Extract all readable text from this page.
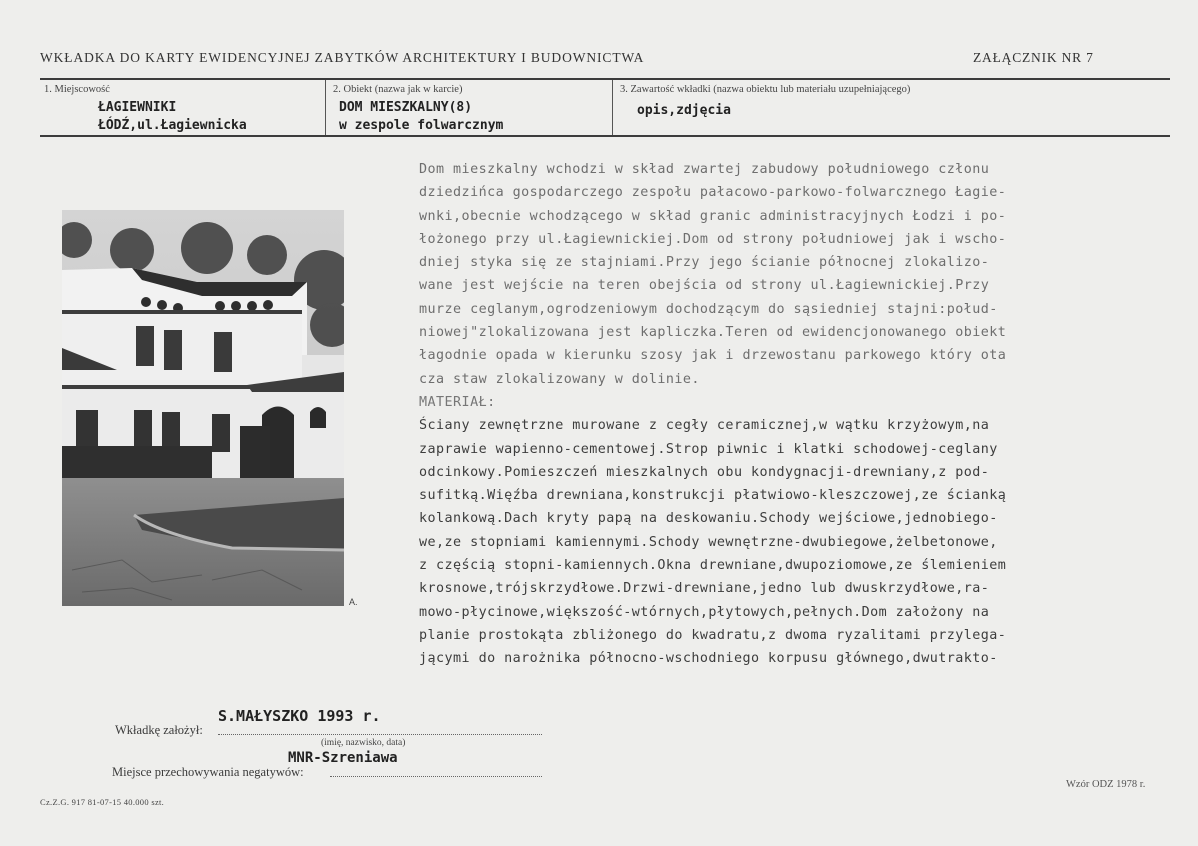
WKŁADKA DO KARTY EWIDENCYJNEJ ZABYTKÓW ARCHITEKTURY I BUDOWNICTWA	ZAŁĄCZNIK NR 7
1. Miejscowość
ŁAGIEWNIKI
ŁÓDŹ,ul.Łagiewnicka
2. Obiekt (nazwa jak w karcie)
DOM MIESZKALNY(8)
w zespole folwarcznym
3. Zawartość wkładki (nazwa obiektu lub materiału uzupełniającego)
opis,zdjęcia
A.
Dom mieszkalny wchodzi w skład zwartej zabudowy południowego członu
dziedzińca gospodarczego zespołu pałacowo-parkowo-folwarcznego Łagie-
wnki,obecnie wchodzącego w skład granic administracyjnych Łodzi i po-
łożonego przy ul.Łagiewnickiej.Dom od strony południowej jak i wscho-
dniej styka się ze stajniami.Przy jego ścianie północnej zlokalizo-
wane jest wejście na teren obejścia od strony ul.Łagiewnickiej.Przy
murze ceglanym,ogrodzeniowym dochodzącym do sąsiedniej stajni:połud-
niowej"zlokalizowana jest kapliczka.Teren od ewidencjonowanego obiekt
łagodnie opada w kierunku szosy jak i drzewostanu parkowego który ota
cza staw zlokalizowany w dolinie.
MATERIAŁ:
Ściany zewnętrzne murowane z cegły ceramicznej,w wątku krzyżowym,na
zaprawie wapienno-cementowej.Strop piwnic i klatki schodowej-ceglany
odcinkowy.Pomieszczeń mieszkalnych obu kondygnacji-drewniany,z pod-
sufitką.Więźba drewniana,konstrukcji płatwiowo-kleszczowej,ze ścianką
kolankową.Dach kryty papą na deskowaniu.Schody wejściowe,jednobiego-
we,ze stopniami kamiennymi.Schody wewnętrzne-dwubiegowe,żelbetonowe,
z częścią stopni-kamiennych.Okna drewniane,dwupoziomowe,ze ślemieniem
krosnowe,trójskrzydłowe.Drzwi-drewniane,jedno lub dwuskrzydłowe,ra-
mowo-płycinowe,większość-wtórnych,płytowych,pełnych.Dom założony na
planie prostokąta zbliżonego do kwadratu,z dwoma ryzalitami przylega-
jącymi do narożnika północno-wschodniego korpusu głównego,dwutrakto-
S.MAŁYSZKO 1993 r.
Wkładkę założył:
(imię, nazwisko, data)
MNR-Szreniawa
Miejsce przechowywania negatywów:
Cz.Z.G. 917 81-07-15 40.000 szt.
Wzór ODZ 1978 r.
